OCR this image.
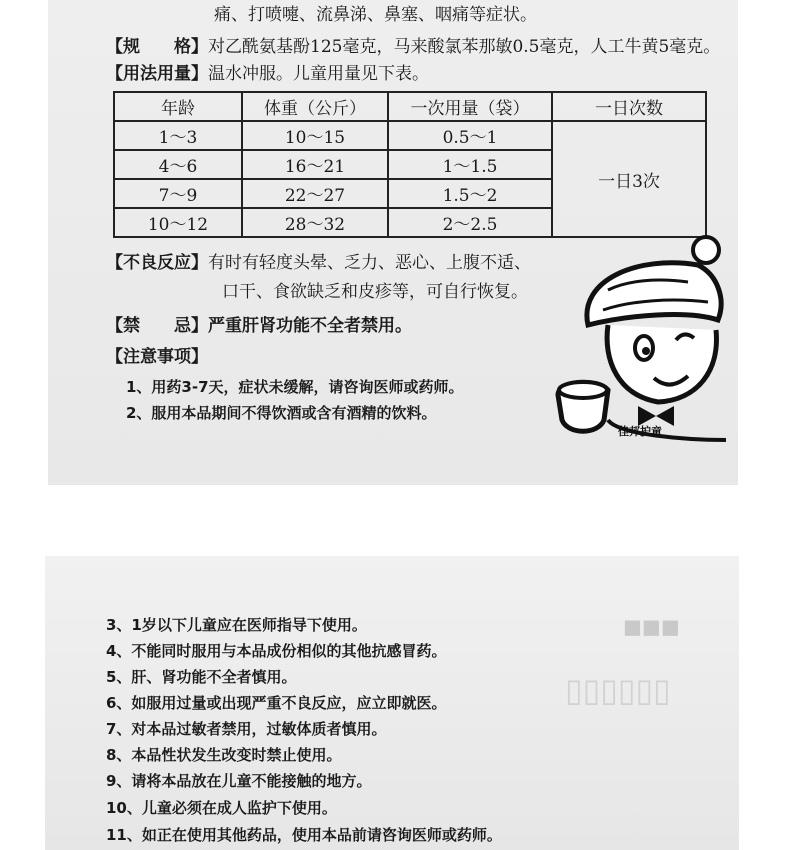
痛、打喷嚏、流鼻涕、鼻塞、咽痛等症状。
【规　　格】对乙酰氨基酚125毫克，马来酸氯苯那敏0.5毫克，人工牛黄5毫克。
【用法用量】温水冲服。儿童用量见下表。
年龄	体重（公斤）	一次用量（袋）	一日次数
1～3	10～15	0.5～1	一日3次
4～6	16～21	1～1.5	
7～9	22～27	1.5～2	
10～12	28～32	2～2.5	
【不良反应】有时有轻度头晕、乏力、恶心、上腹不适、
口干、食欲缺乏和皮疹等，可自行恢复。
【禁　　忌】严重肝肾功能不全者禁用。
【注意事项】
1、用药3-7天，症状未缓解，请咨询医师或药师。
2、服用本品期间不得饮酒或含有酒精的饮料。
佳邦护童
■■■
▯▯▯▯▯▯
3、1岁以下儿童应在医师指导下使用。
4、不能同时服用与本品成份相似的其他抗感冒药。
5、肝、肾功能不全者慎用。
6、如服用过量或出现严重不良反应，应立即就医。
7、对本品过敏者禁用，过敏体质者慎用。
8、本品性状发生改变时禁止使用。
9、请将本品放在儿童不能接触的地方。
10、儿童必须在成人监护下使用。
11、如正在使用其他药品，使用本品前请咨询医师或药师。
